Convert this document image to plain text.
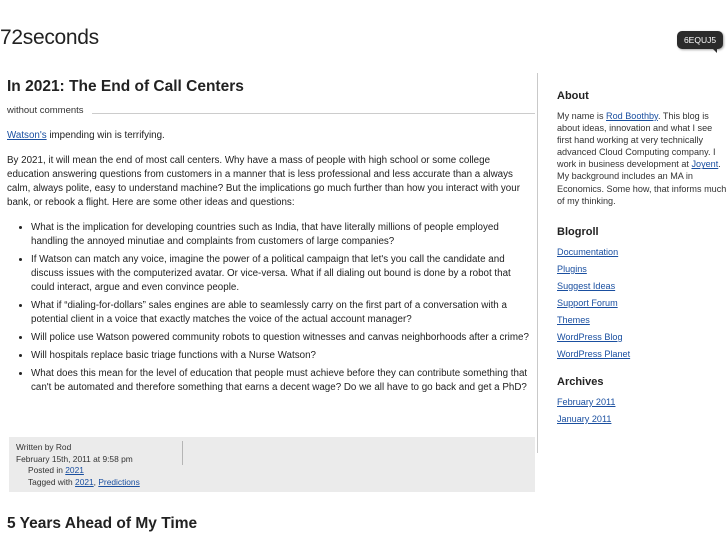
72seconds	6EQUJ5
In 2021: The End of Call Centers
without comments

Watson's impending win is terrifying.

By 2021, it will mean the end of most call centers. Why have a mass of people with high school or some college education answering questions from customers in a manner that is less professional and less accurate than a always calm, always polite, easy to understand machine? But the implications go much further than how you interact with your bank, or rebook a flight. Here are some other ideas and questions:

• What is the implication for developing countries such as India, that have literally millions of people employed handling the annoyed minutiae and complaints from customers of large companies?
• If Watson can match any voice, imagine the power of a political campaign that let's you call the candidate and discuss issues with the computerized avatar. Or vice-versa. What if all dialing out bound is done by a robot that could interact, argue and even convince people.
• What if “dialing-for-dollars” sales engines are able to seamlessly carry on the first part of a conversation with a potential client in a voice that exactly matches the voice of the actual account manager?
• Will police use Watson powered community robots to question witnesses and canvas neighborhoods after a crime?
• Will hospitals replace basic triage functions with a Nurse Watson?
• What does this mean for the level of education that people must achieve before they can contribute something that can't be automated and therefore something that earns a decent wage? Do we all have to go back and get a PhD?
Written by Rod
February 15th, 2011 at 9:58 pm
Posted in 2021
Tagged with 2021, Predictions
5 Years Ahead of My Time
About
My name is Rod Boothby. This blog is about ideas, innovation and what I see first hand working at very technically advanced Cloud Computing company. I work in business development at Joyent. My background includes an MA in Economics. Some how, that informs much of my thinking.
Blogroll
Documentation
Plugins
Suggest Ideas
Support Forum
Themes
WordPress Blog
WordPress Planet
Archives
February 2011
January 2011
